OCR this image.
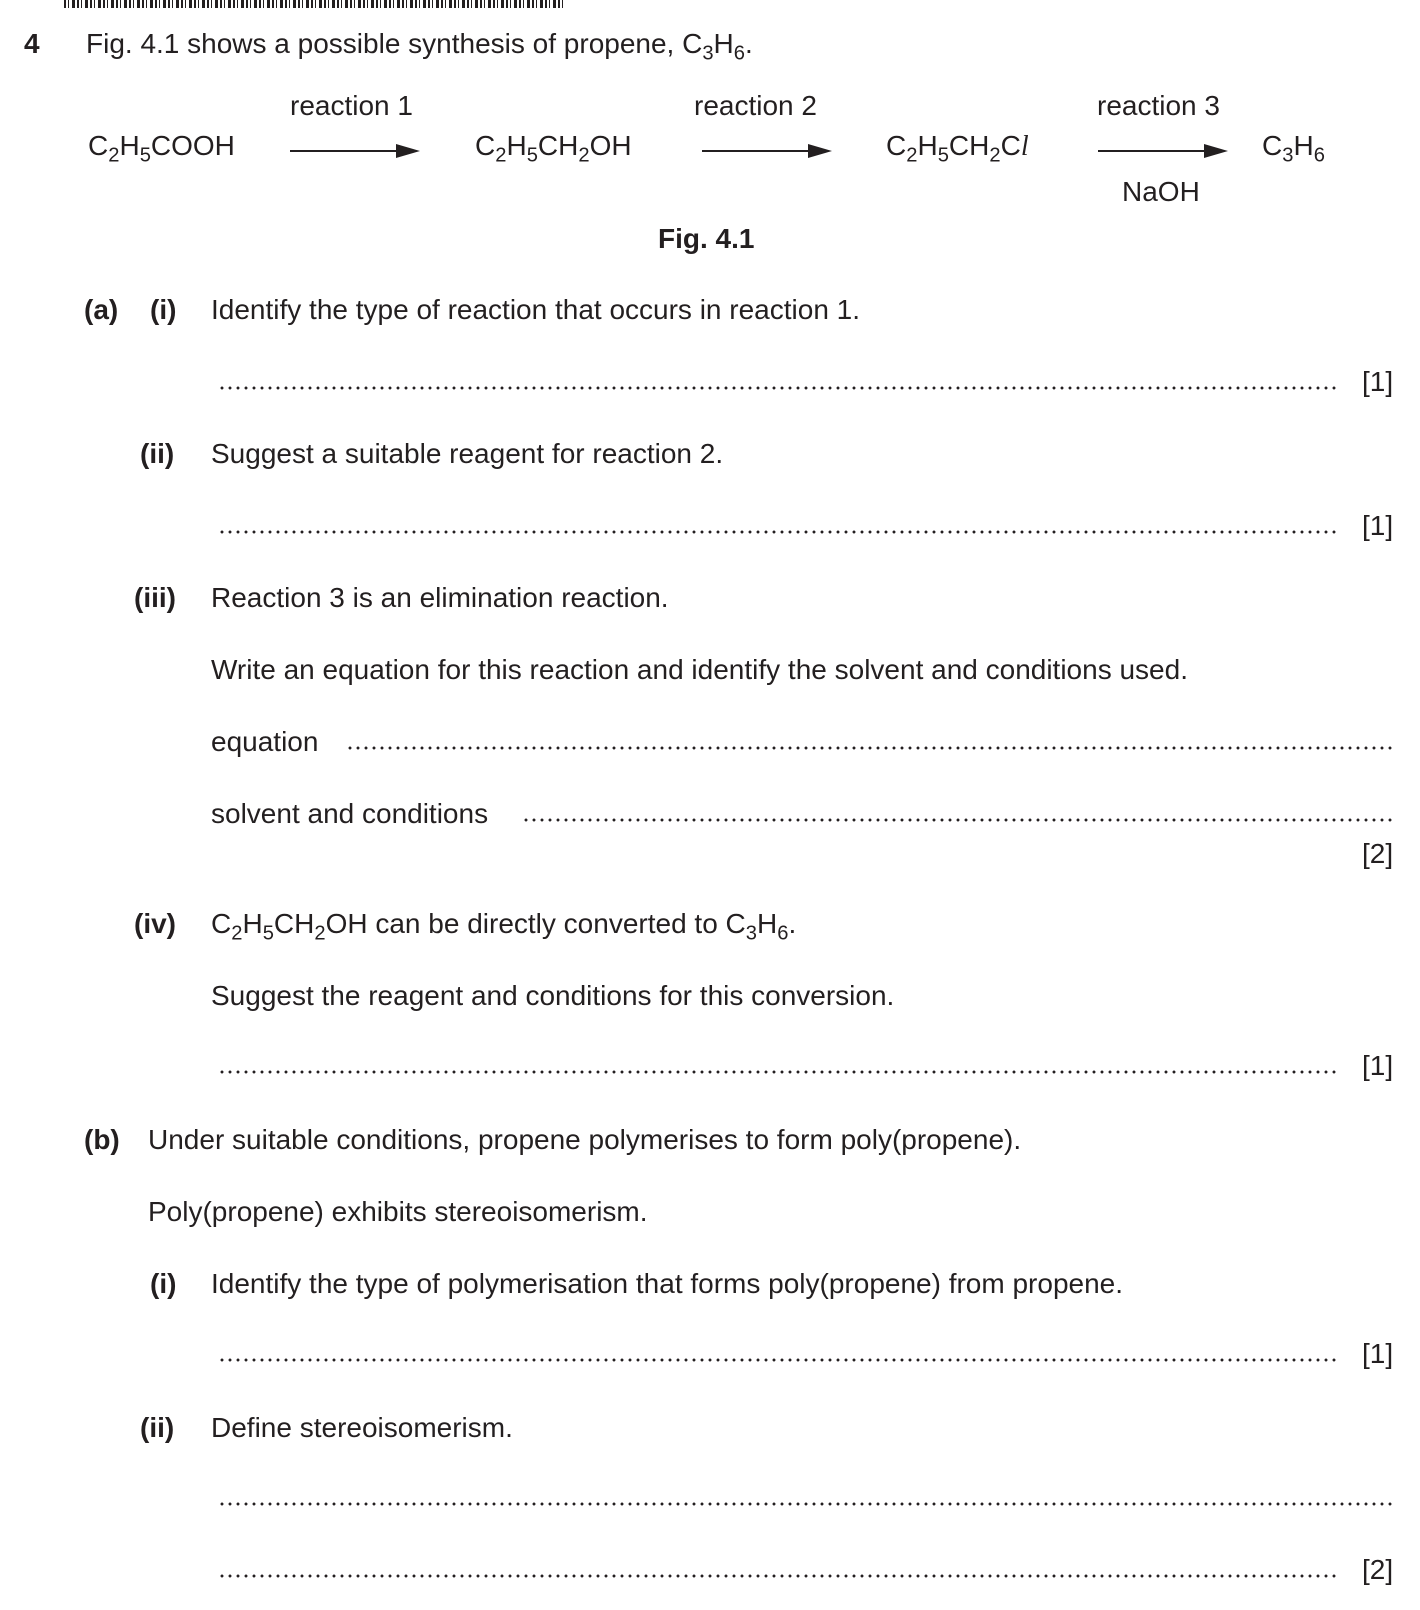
4 Fig. 4.1 shows a possible synthesis of propene, $C_3H_6$.
$C_2H_5COOH$
reaction 1
$C_2H_5CH_2OH$
reaction 2
$C_2H_5CH_2Cl$
reaction 3
NaOH
$C_3H_6$
Fig. 4.1
(a) (i) Identify the type of reaction that occurs in reaction 1.
[1]
(ii) Suggest a suitable reagent for reaction 2.
[1]
(iii) Reaction 3 is an elimination reaction.
Write an equation for this reaction and identify the solvent and conditions used.
equation
solvent and conditions
[2]
(iv) $C_2H_5CH_2OH$ can be directly converted to $C_3H_6$.
Suggest the reagent and conditions for this conversion.
[1]
(b) Under suitable conditions, propene polymerises to form poly(propene).
Poly(propene) exhibits stereoisomerism.
(i) Identify the type of polymerisation that forms poly(propene) from propene.
[1]
(ii) Define stereoisomerism.
[2]
